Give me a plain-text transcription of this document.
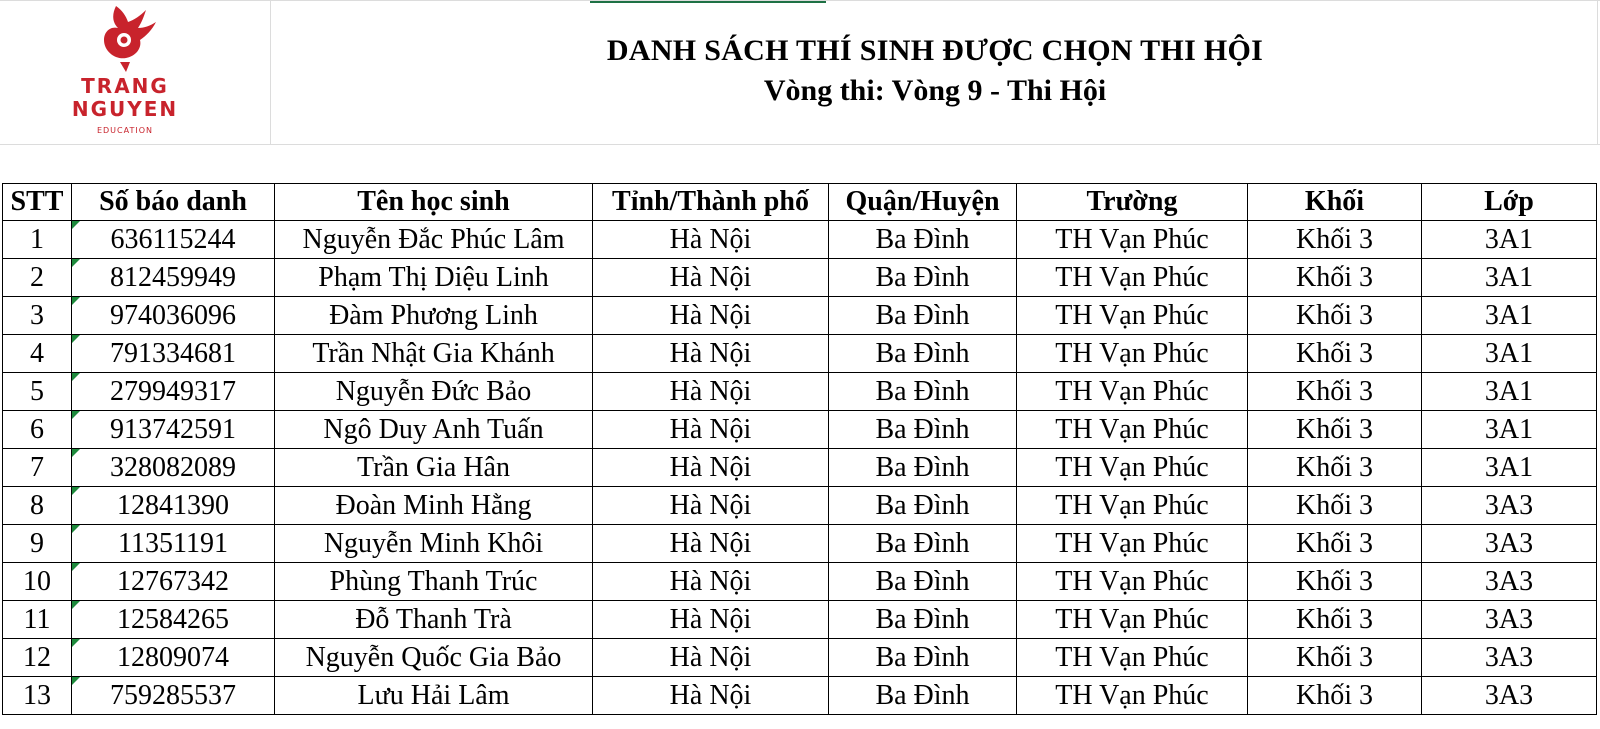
TRANG
NGUYEN
EDUCATION
DANH SÁCH THÍ SINH ĐƯỢC CHỌN THI HỘI
Vòng thi: Vòng 9 - Thi Hội
STT	Số báo danh	Tên học sinh	Tỉnh/Thành phố	Quận/Huyện	Trường	Khối	Lớp
1	636115244	Nguyễn Đắc Phúc Lâm	Hà Nội	Ba Đình	TH Vạn Phúc	Khối 3	3A1
2	812459949	Phạm Thị Diệu Linh	Hà Nội	Ba Đình	TH Vạn Phúc	Khối 3	3A1
3	974036096	Đàm Phương Linh	Hà Nội	Ba Đình	TH Vạn Phúc	Khối 3	3A1
4	791334681	Trần Nhật Gia Khánh	Hà Nội	Ba Đình	TH Vạn Phúc	Khối 3	3A1
5	279949317	Nguyễn Đức Bảo	Hà Nội	Ba Đình	TH Vạn Phúc	Khối 3	3A1
6	913742591	Ngô Duy Anh Tuấn	Hà Nội	Ba Đình	TH Vạn Phúc	Khối 3	3A1
7	328082089	Trần Gia Hân	Hà Nội	Ba Đình	TH Vạn Phúc	Khối 3	3A1
8	12841390	Đoàn Minh Hằng	Hà Nội	Ba Đình	TH Vạn Phúc	Khối 3	3A3
9	11351191	Nguyễn Minh Khôi	Hà Nội	Ba Đình	TH Vạn Phúc	Khối 3	3A3
10	12767342	Phùng Thanh Trúc	Hà Nội	Ba Đình	TH Vạn Phúc	Khối 3	3A3
11	12584265	Đỗ Thanh Trà	Hà Nội	Ba Đình	TH Vạn Phúc	Khối 3	3A3
12	12809074	Nguyễn Quốc Gia Bảo	Hà Nội	Ba Đình	TH Vạn Phúc	Khối 3	3A3
13	759285537	Lưu Hải Lâm	Hà Nội	Ba Đình	TH Vạn Phúc	Khối 3	3A3
